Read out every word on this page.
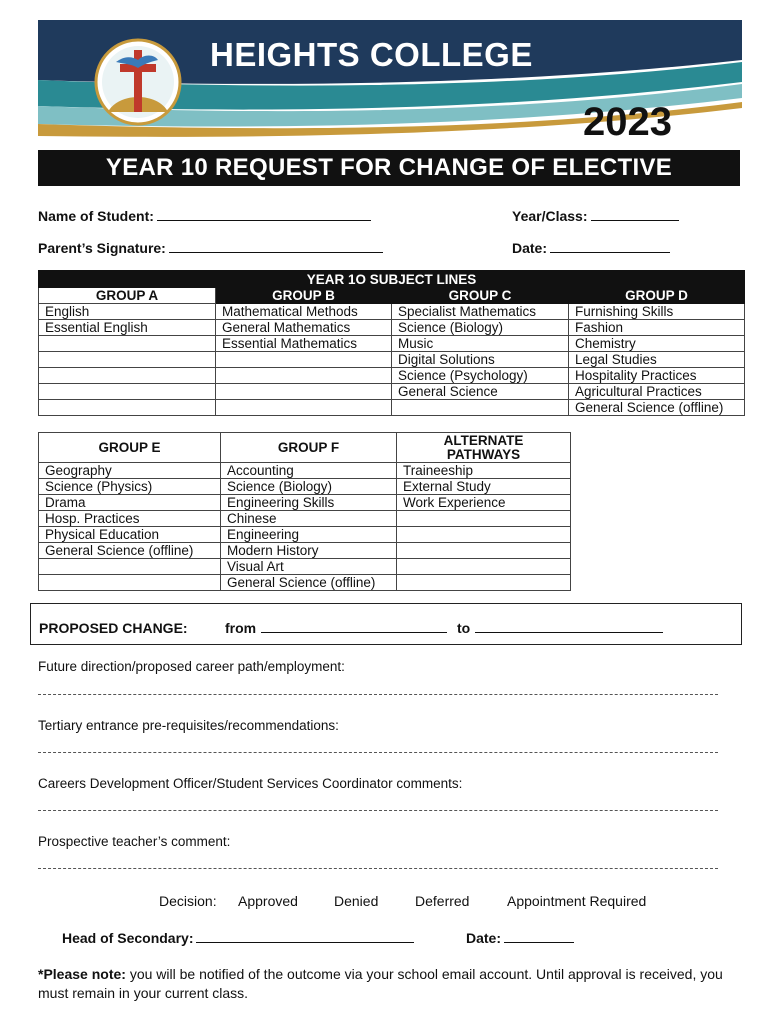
HEIGHTS COLLEGE
2023
YEAR 10 REQUEST FOR CHANGE OF ELECTIVE
Name of Student:	Year/Class:
Parent’s Signature:	Date:
YEAR 1O SUBJECT LINES			
GROUP A	GROUP B	GROUP C	GROUP D
English	Mathematical Methods	Specialist Mathematics	Furnishing Skills
Essential English	General Mathematics	Science (Biology)	Fashion
	Essential Mathematics	Music	Chemistry
		Digital Solutions	Legal Studies
		Science (Psychology)	Hospitality Practices
		General Science	Agricultural Practices
			General Science (offline)
GROUP E	GROUP F	ALTERNATE
PATHWAYS
Geography	Accounting	Traineeship
Science (Physics)	Science (Biology)	External Study
Drama	Engineering Skills	Work Experience
Hosp. Practices	Chinese	
Physical Education	Engineering	
General Science (offline)	Modern History	
	Visual Art	
	General Science (offline)	
PROPOSED CHANGE:	from	to
Future direction/proposed career path/employment:
Tertiary entrance pre-requisites/recommendations:
Careers Development Officer/Student Services Coordinator comments:
Prospective teacher’s comment:
Decision: Approved	Denied	Deferred	Appointment Required
Head of Secondary:	Date:
*Please note: you will be notified of the outcome via your school email account. Until approval is received, you must remain in your current class.
